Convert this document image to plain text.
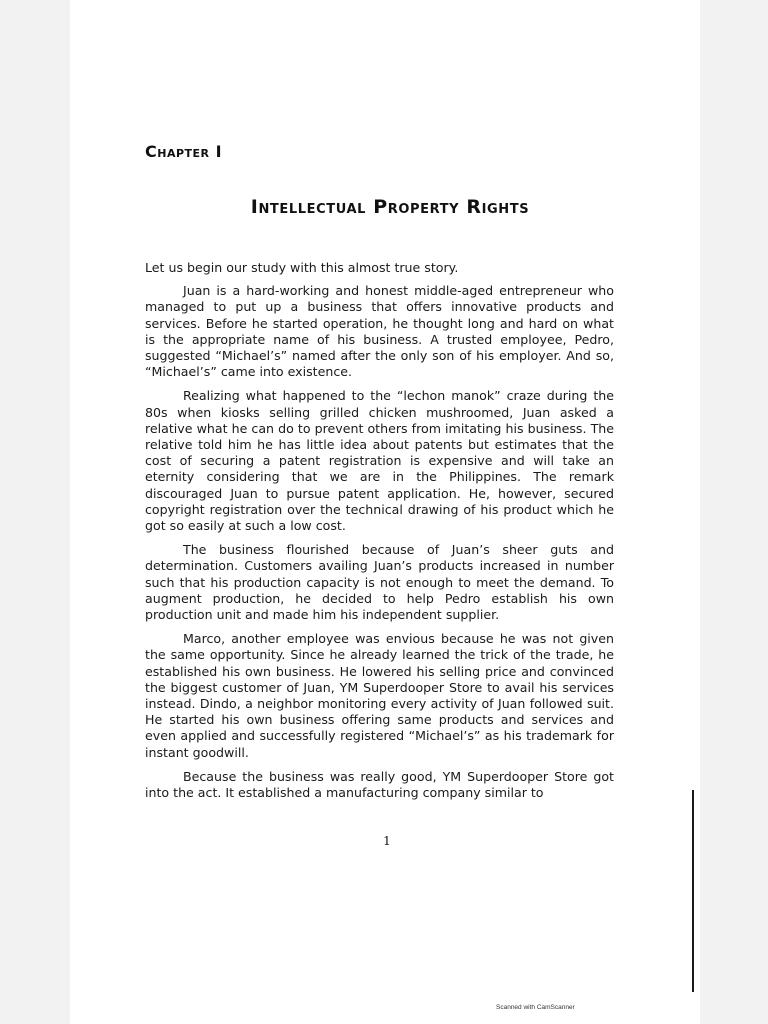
Chapter I
Intellectual Property Rights

Let us begin our study with this almost true story.

Juan is a hard-working and honest middle-aged entrepreneur who managed to put up a business that offers innovative products and services. Before he started operation, he thought long and hard on what is the appropriate name of his business. A trusted employee, Pedro, suggested “Michael’s” named after the only son of his employer. And so, “Michael’s” came into existence.

Realizing what happened to the “lechon manok” craze during the 80s when kiosks selling grilled chicken mushroomed, Juan asked a relative what he can do to prevent others from imitating his business. The relative told him he has little idea about patents but estimates that the cost of securing a patent registration is expensive and will take an eternity considering that we are in the Philippines. The remark discouraged Juan to pursue patent application. He, however, secured copyright registration over the technical drawing of his product which he got so easily at such a low cost.

The business flourished because of Juan’s sheer guts and determination. Customers availing Juan’s products increased in number such that his production capacity is not enough to meet the demand. To augment production, he decided to help Pedro establish his own production unit and made him his independent supplier.

Marco, another employee was envious because he was not given the same opportunity. Since he already learned the trick of the trade, he established his own business. He lowered his selling price and convinced the biggest customer of Juan, YM Superdooper Store to avail his services instead. Dindo, a neighbor monitoring every activity of Juan followed suit. He started his own business offering same products and services and even applied and successfully registered “Michael’s” as his trademark for instant goodwill.

Because the business was really good, YM Superdooper Store got into the act. It established a manufacturing company similar to

1
Scanned with CamScanner
